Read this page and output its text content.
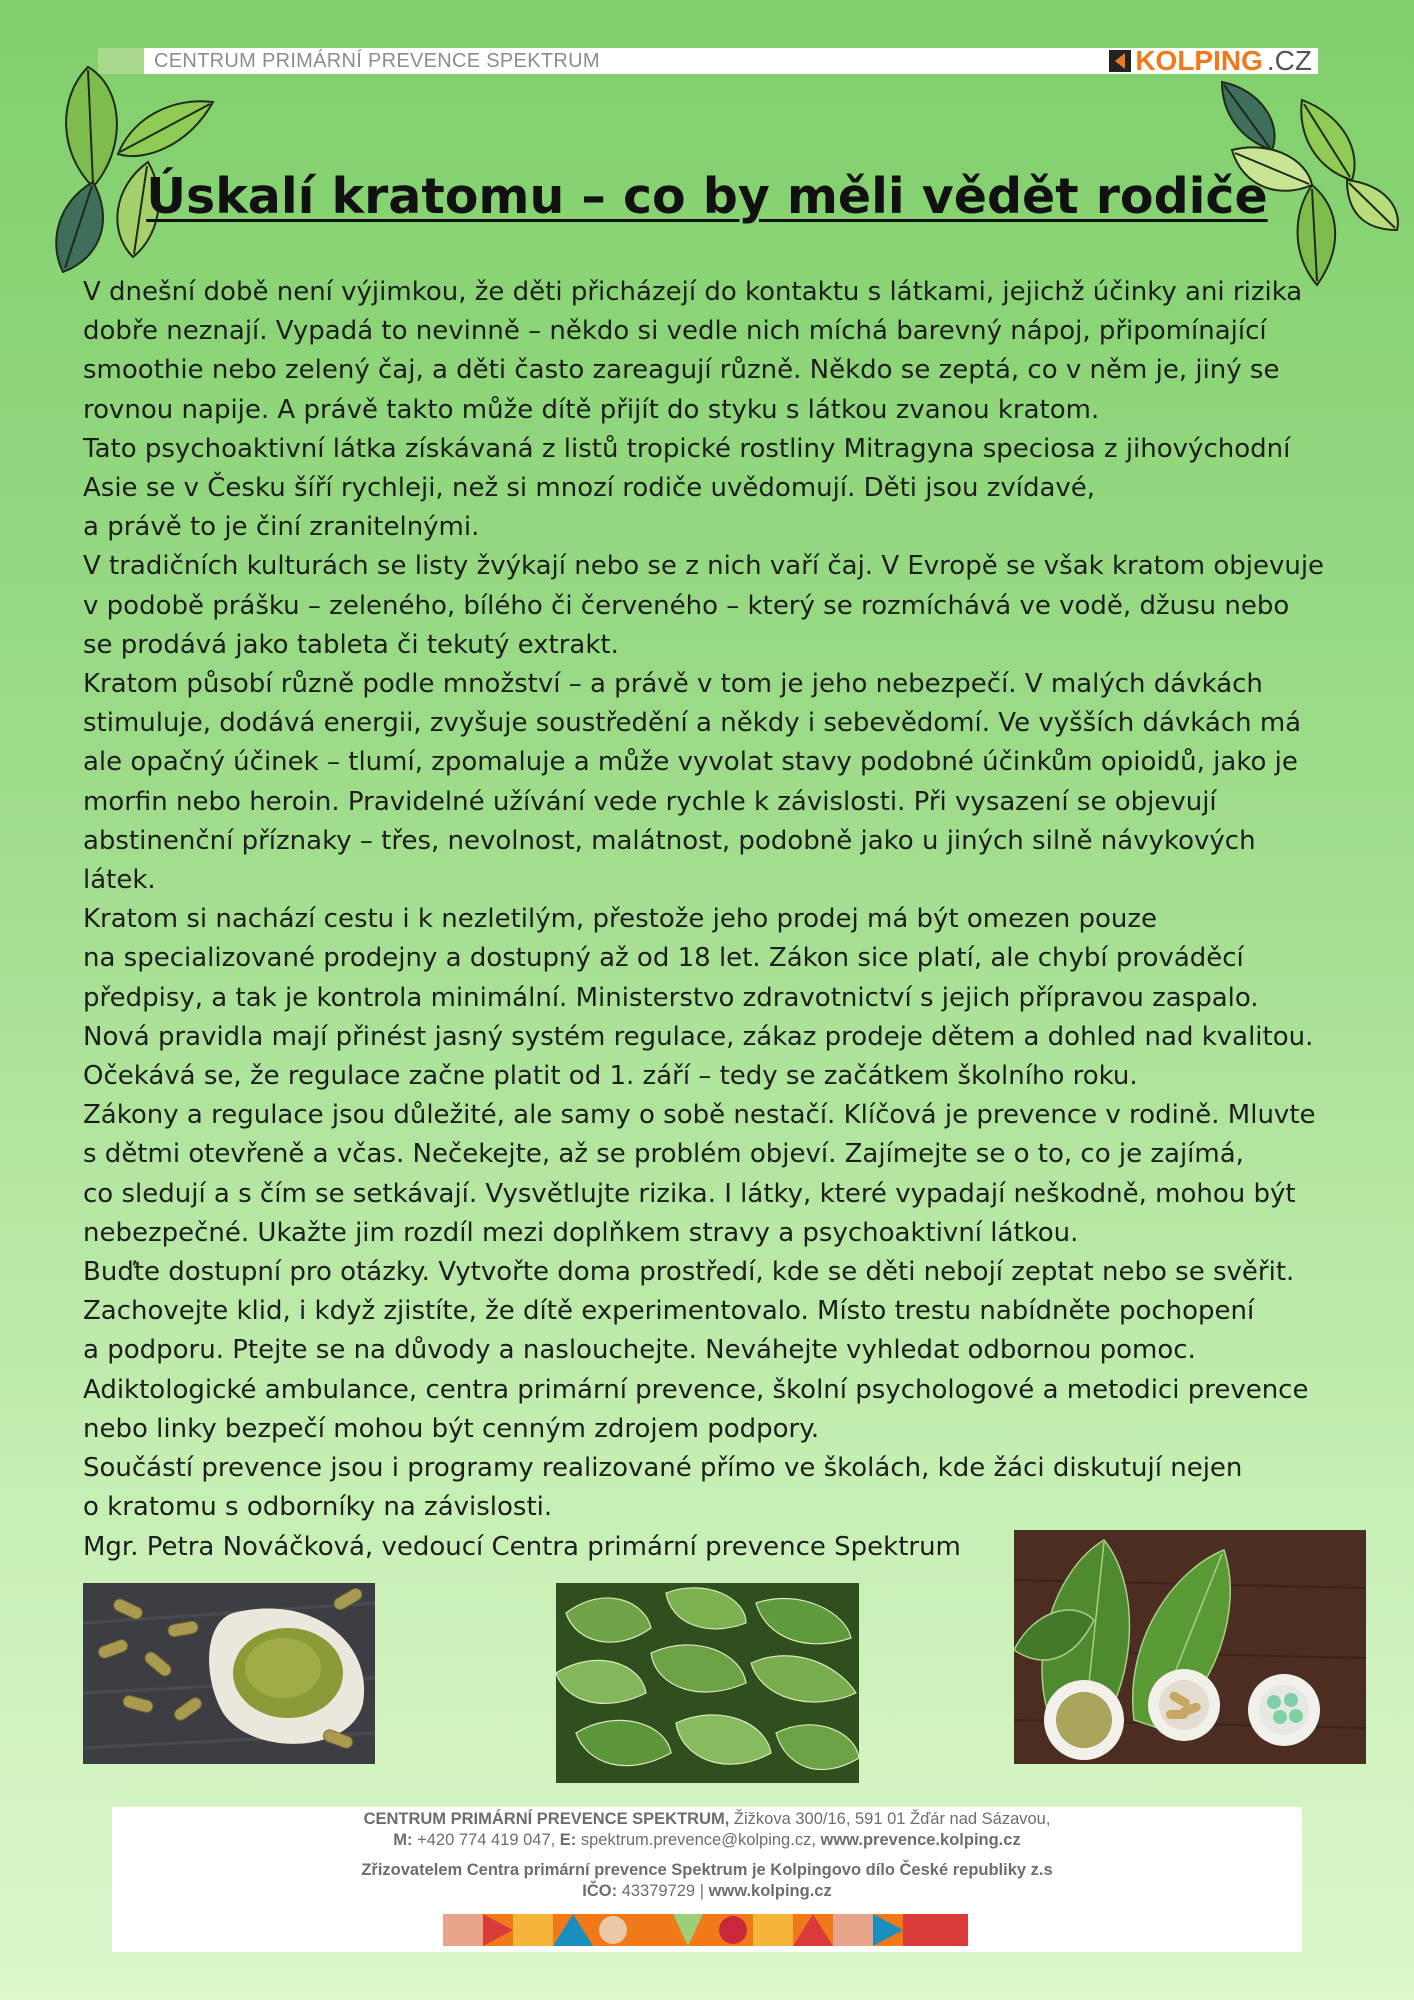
CENTRUM PRIMÁRNÍ PREVENCE SPEKTRUM	KOLPING .CZ
Úskalí kratomu – co by měli vědět rodiče

V dnešní době není výjimkou, že děti přicházejí do kontaktu s látkami, jejichž účinky ani rizika
dobře neznají. Vypadá to nevinně – někdo si vedle nich míchá barevný nápoj, připomínající
smoothie nebo zelený čaj, a děti často zareagují různě. Někdo se zeptá, co v něm je, jiný se
rovnou napije. A právě takto může dítě přijít do styku s látkou zvanou kratom.

Tato psychoaktivní látka získávaná z listů tropické rostliny Mitragyna speciosa z jihovýchodní
Asie se v Česku šíří rychleji, než si mnozí rodiče uvědomují. Děti jsou zvídavé,
a právě to je činí zranitelnými.

V tradičních kulturách se listy žvýkají nebo se z nich vaří čaj. V Evropě se však kratom objevuje
v podobě prášku – zeleného, bílého či červeného – který se rozmíchává ve vodě, džusu nebo
se prodává jako tableta či tekutý extrakt.

Kratom působí různě podle množství – a právě v tom je jeho nebezpečí. V malých dávkách
stimuluje, dodává energii, zvyšuje soustředění a někdy i sebevědomí. Ve vyšších dávkách má
ale opačný účinek – tlumí, zpomaluje a může vyvolat stavy podobné účinkům opioidů, jako je
morfin nebo heroin. Pravidelné užívání vede rychle k závislosti. Při vysazení se objevují
abstinenční příznaky – třes, nevolnost, malátnost, podobně jako u jiných silně návykových
látek.

Kratom si nachází cestu i k nezletilým, přestože jeho prodej má být omezen pouze
na specializované prodejny a dostupný až od 18 let. Zákon sice platí, ale chybí prováděcí
předpisy, a tak je kontrola minimální. Ministerstvo zdravotnictví s jejich přípravou zaspalo.
Nová pravidla mají přinést jasný systém regulace, zákaz prodeje dětem a dohled nad kvalitou.
Očekává se, že regulace začne platit od 1. září – tedy se začátkem školního roku.

Zákony a regulace jsou důležité, ale samy o sobě nestačí. Klíčová je prevence v rodině. Mluvte
s dětmi otevřeně a včas. Nečekejte, až se problém objeví. Zajímejte se o to, co je zajímá,
co sledují a s čím se setkávají. Vysvětlujte rizika. I látky, které vypadají neškodně, mohou být
nebezpečné. Ukažte jim rozdíl mezi doplňkem stravy a psychoaktivní látkou.

Buďte dostupní pro otázky. Vytvořte doma prostředí, kde se děti nebojí zeptat nebo se svěřit.
Zachovejte klid, i když zjistíte, že dítě experimentovalo. Místo trestu nabídněte pochopení
a podporu. Ptejte se na důvody a naslouchejte. Neváhejte vyhledat odbornou pomoc.
Adiktologické ambulance, centra primární prevence, školní psychologové a metodici prevence
nebo linky bezpečí mohou být cenným zdrojem podpory.

Součástí prevence jsou i programy realizované přímo ve školách, kde žáci diskutují nejen
o kratomu s odborníky na závislosti.

Mgr. Petra Nováčková, vedoucí Centra primární prevence Spektrum

CENTRUM PRIMÁRNÍ PREVENCE SPEKTRUM, Žižkova 300/16, 591 01 Žďár nad Sázavou,
M: +420 774 419 047, E: spektrum.prevence@kolping.cz, www.prevence.kolping.cz
Zřizovatelem Centra primární prevence Spektrum je Kolpingovo dílo České republiky z.s
IČO: 43379729 | www.kolping.cz
